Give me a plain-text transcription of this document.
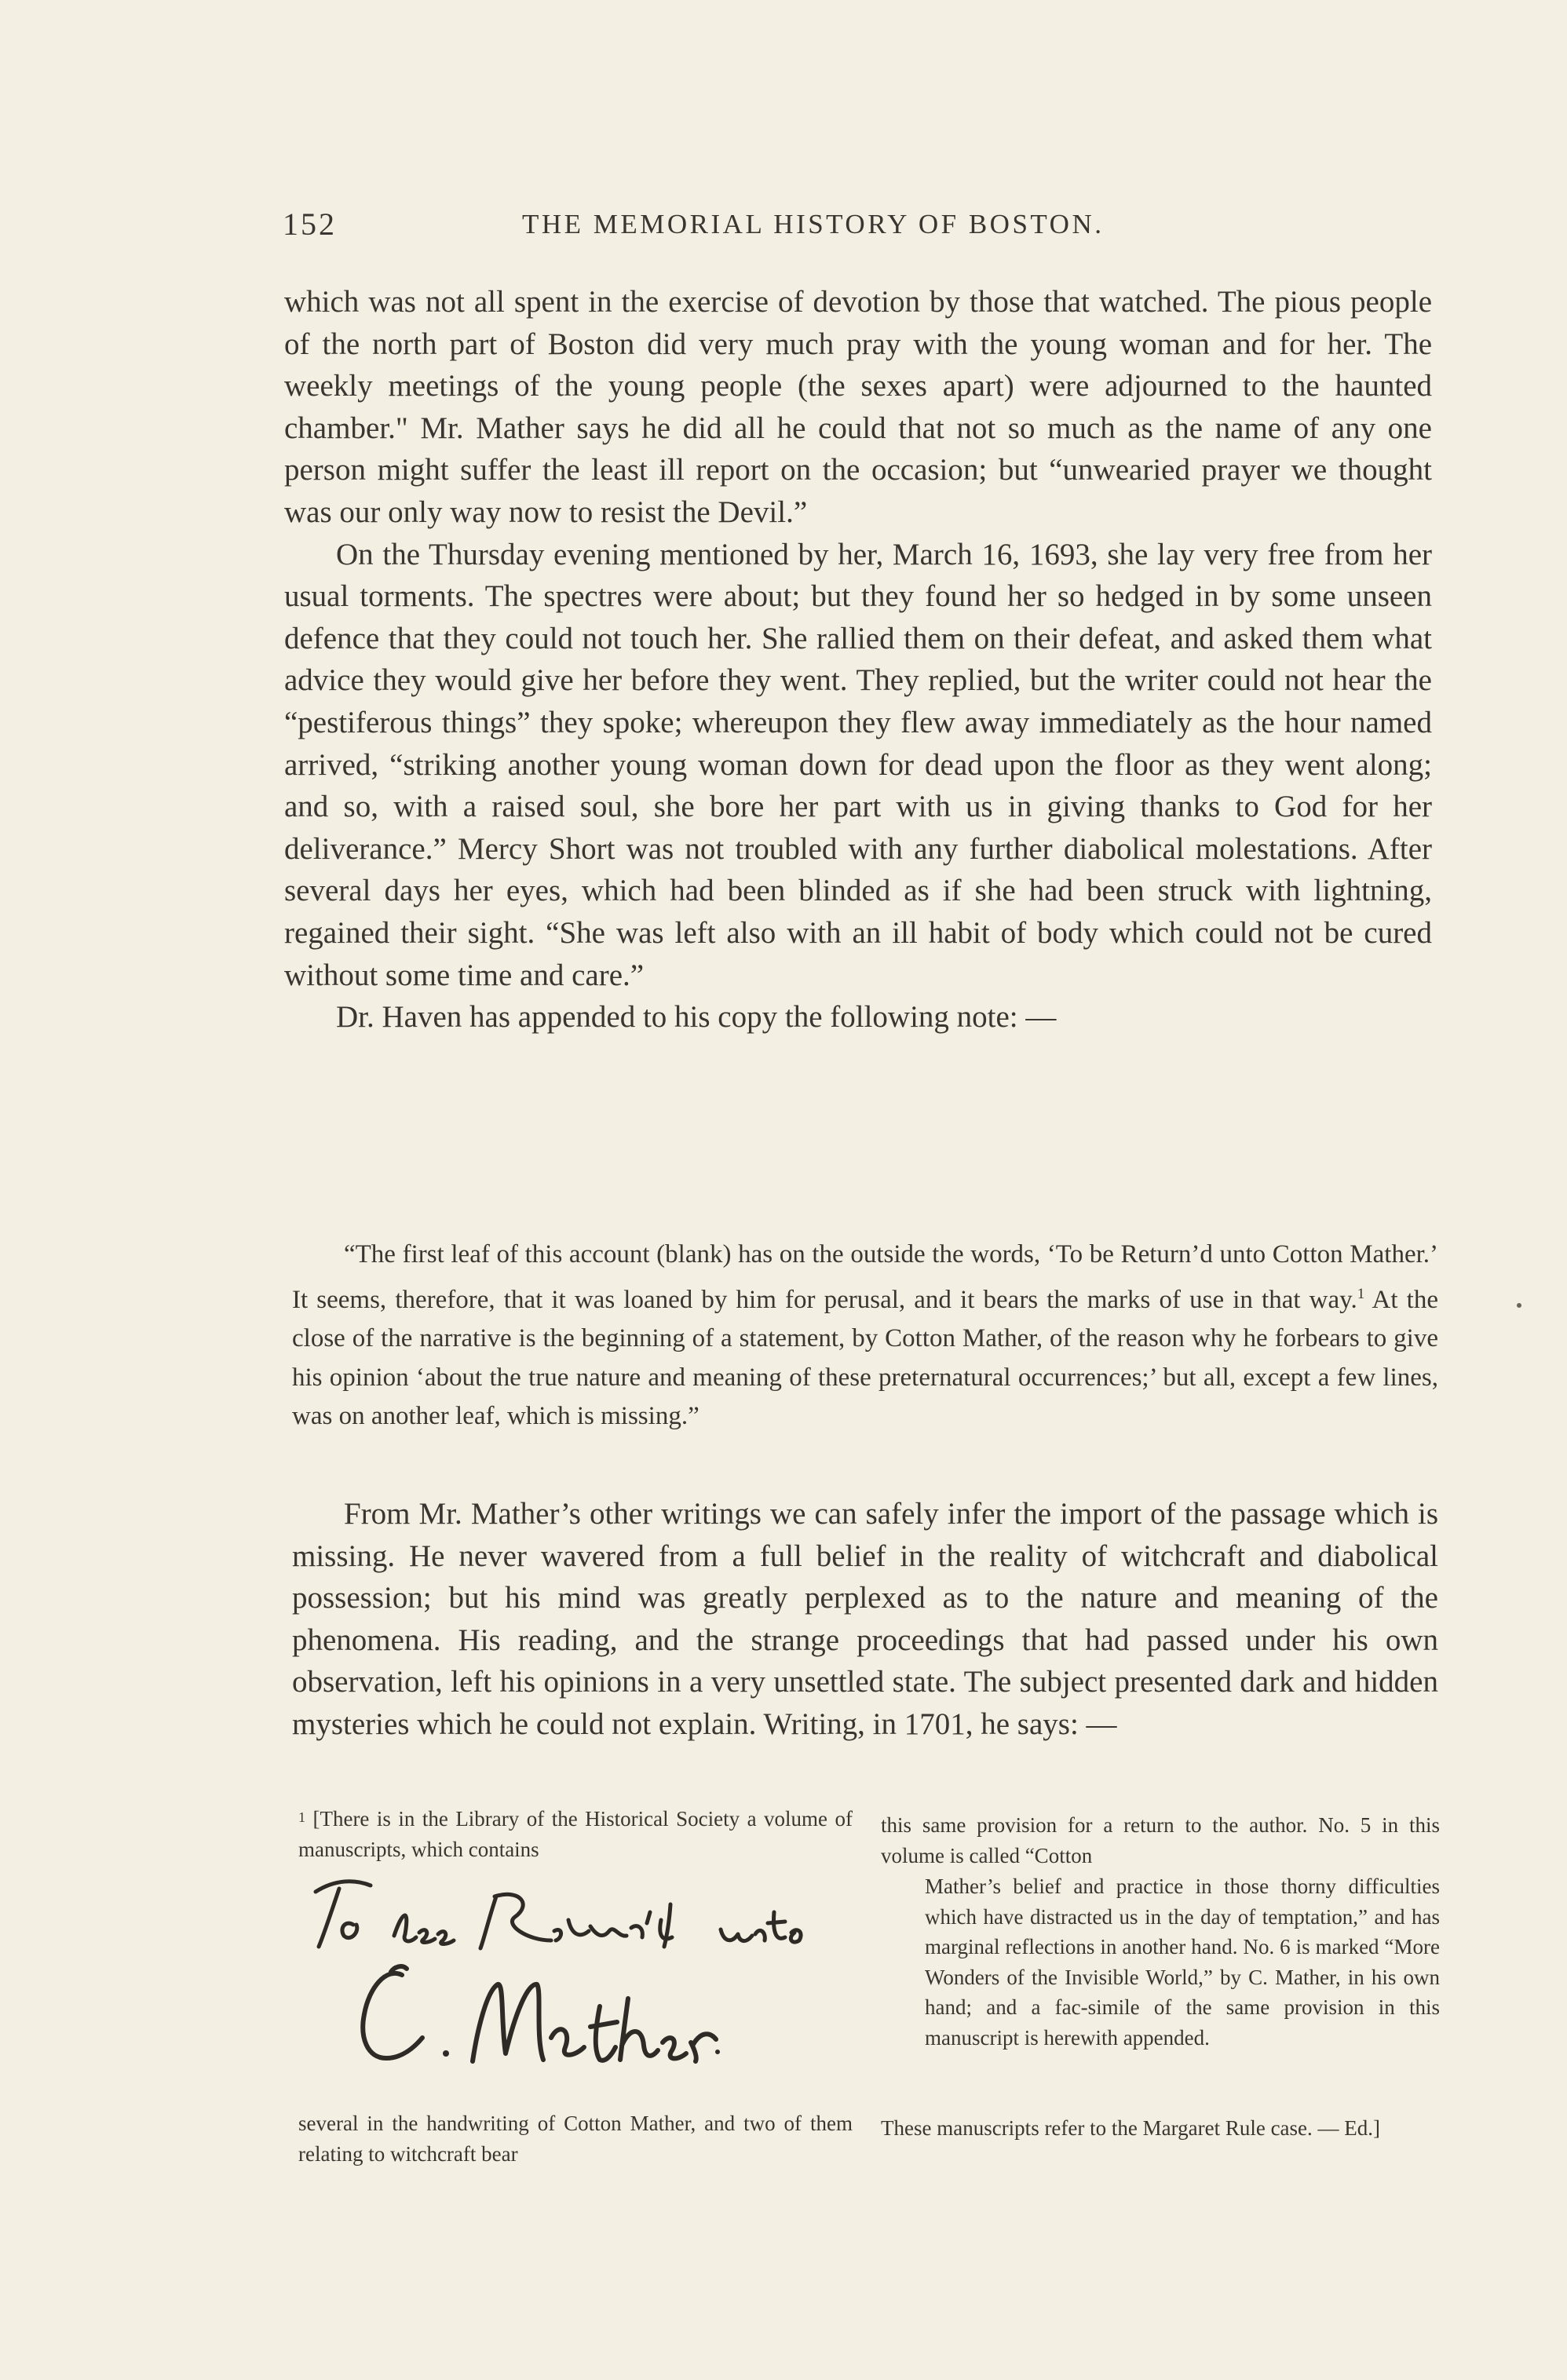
152	THE MEMORIAL HISTORY OF BOSTON.

which was not all spent in the exercise of devotion by those that watched. The pious people of the north part of Boston did very much pray with the young woman and for her. The weekly meetings of the young people (the sexes apart) were adjourned to the haunted chamber." Mr. Mather says he did all he could that not so much as the name of any one person might suffer the least ill report on the occasion; but “unwearied prayer we thought was our only way now to resist the Devil.”

On the Thursday evening mentioned by her, March 16, 1693, she lay very free from her usual torments. The spectres were about; but they found her so hedged in by some unseen defence that they could not touch her. She rallied them on their defeat, and asked them what advice they would give her before they went. They replied, but the writer could not hear the “pestiferous things” they spoke; whereupon they flew away immediately as the hour named arrived, “striking another young woman down for dead upon the floor as they went along; and so, with a raised soul, she bore her part with us in giving thanks to God for her deliverance.” Mercy Short was not troubled with any further diabolical molestations. After several days her eyes, which had been blinded as if she had been struck with lightning, regained their sight. “She was left also with an ill habit of body which could not be cured without some time and care.”

Dr. Haven has appended to his copy the following note: —

“The first leaf of this account (blank) has on the outside the words, ‘To be Return’d unto Cotton Mather.’ It seems, therefore, that it was loaned by him for perusal, and it bears the marks of use in that way.$^1$ At the close of the narrative is the beginning of a statement, by Cotton Mather, of the reason why he forbears to give his opinion ‘about the true nature and meaning of these preternatural occurrences;’ but all, except a few lines, was on another leaf, which is missing.”

From Mr. Mather’s other writings we can safely infer the import of the passage which is missing. He never wavered from a full belief in the reality of witchcraft and diabolical possession; but his mind was greatly perplexed as to the nature and meaning of the phenomena. His reading, and the strange proceedings that had passed under his own observation, left his opinions in a very unsettled state. The subject presented dark and hidden mysteries which he could not explain. Writing, in 1701, he says: —

$^1$ [There is in the Library of the Historical Society a volume of manuscripts, which contains
To bee Return’d unto
C. Mather
several in the handwriting of Cotton Mather, and two of them relating to witchcraft bear
this same provision for a return to the author. No. 5 in this volume is called “Cotton
Mather’s belief and practice in those thorny difficulties which have distracted us in the day of temptation,” and has marginal reflections in another hand. No. 6 is marked “More Wonders of the Invisible World,” by C. Mather, in his own hand; and a fac-simile of the same provision in this manuscript is herewith appended.
These manuscripts refer to the Margaret Rule case. — Ed.]
